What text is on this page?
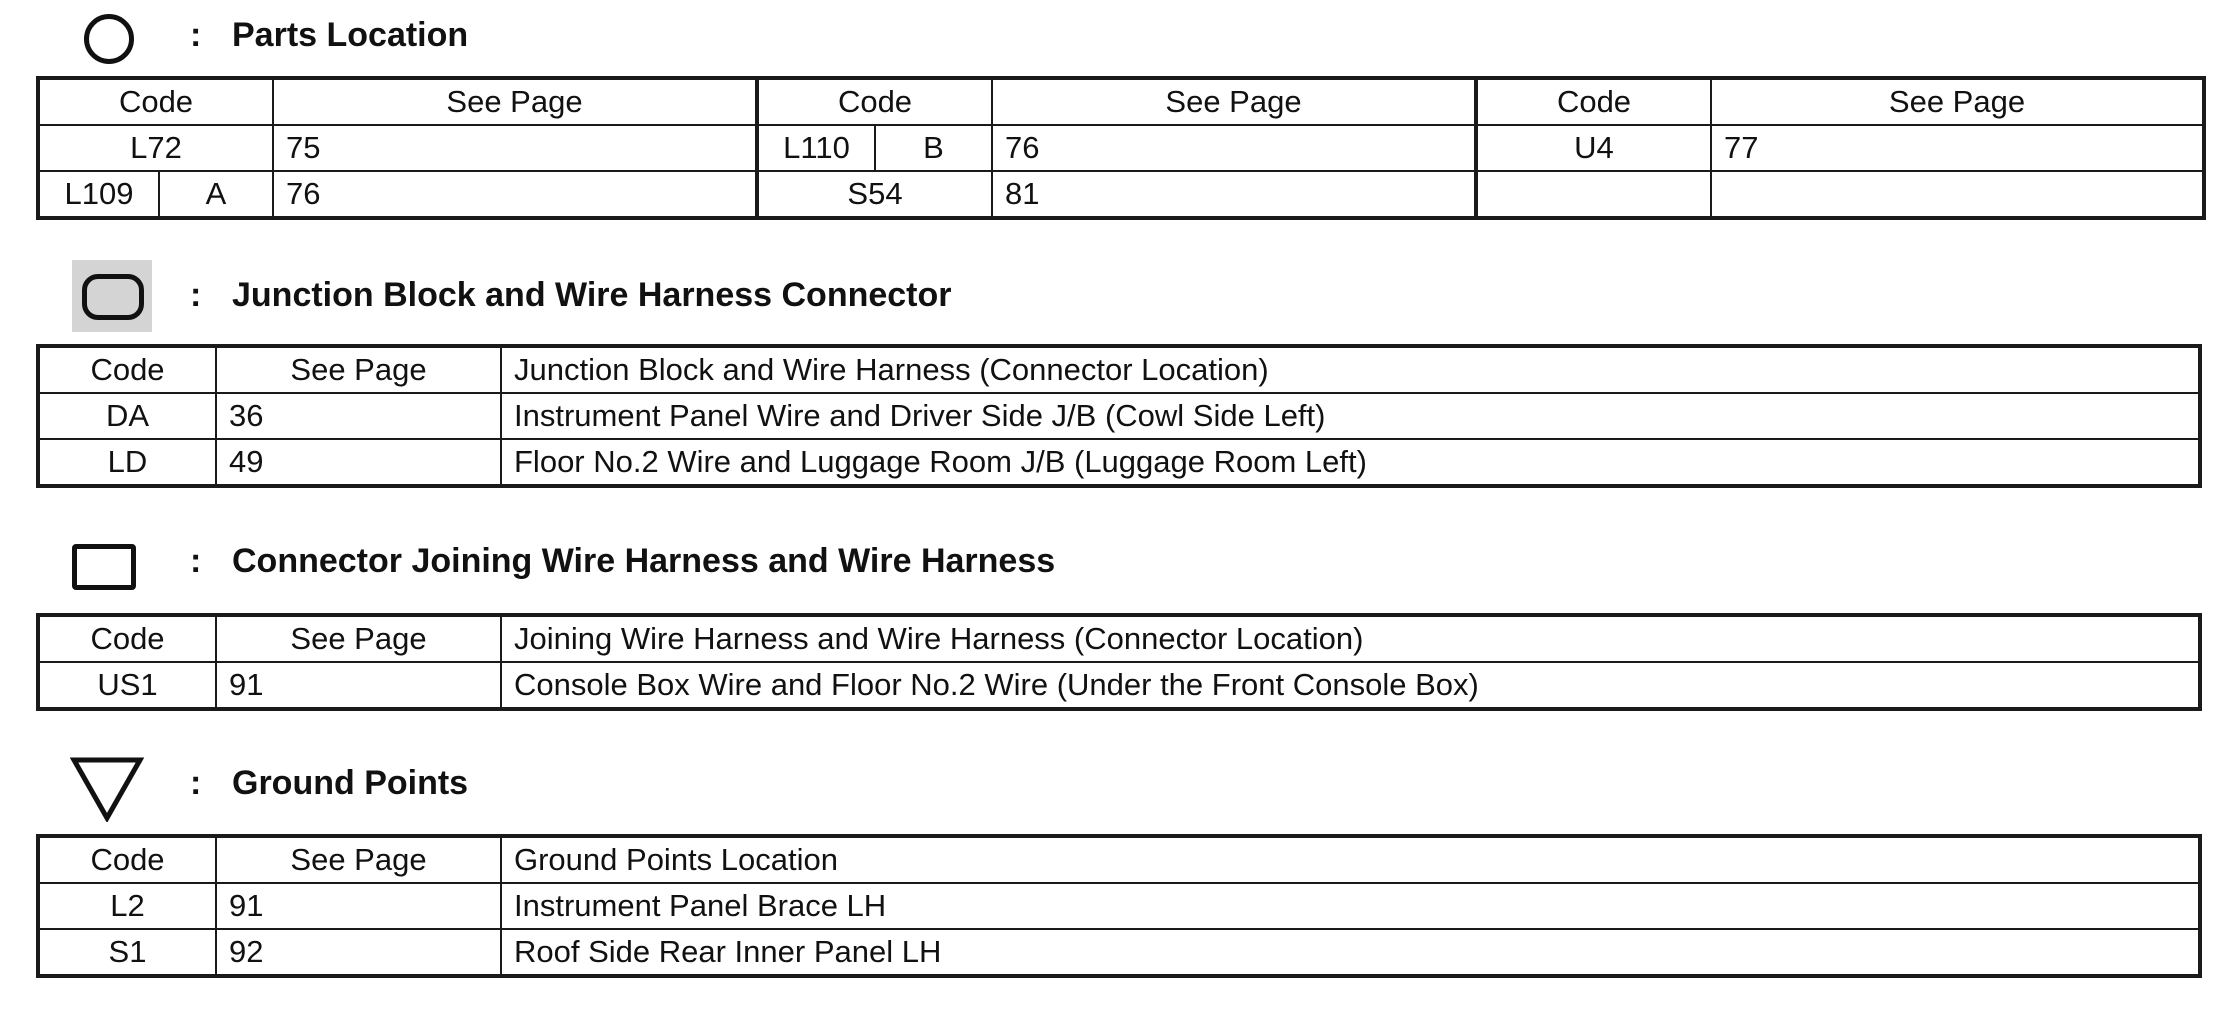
: Parts Location
Code	See Page	Code	See Page	Code	See Page
L72	75	L110 B	76	U4	77

L109 A	76	S54	81		
: Junction Block and Wire Harness Connector
Code	See Page	Junction Block and Wire Harness (Connector Location)
DA	36	Instrument Panel Wire and Driver Side J/B (Cowl Side Left)
LD	49	Floor No.2 Wire and Luggage Room J/B (Luggage Room Left)
: Connector Joining Wire Harness and Wire Harness
Code	See Page	Joining Wire Harness and Wire Harness (Connector Location)
US1	91	Console Box Wire and Floor No.2 Wire (Under the Front Console Box)
: Ground Points
Code	See Page	Ground Points Location
L2	91	Instrument Panel Brace LH
S1	92	Roof Side Rear Inner Panel LH
